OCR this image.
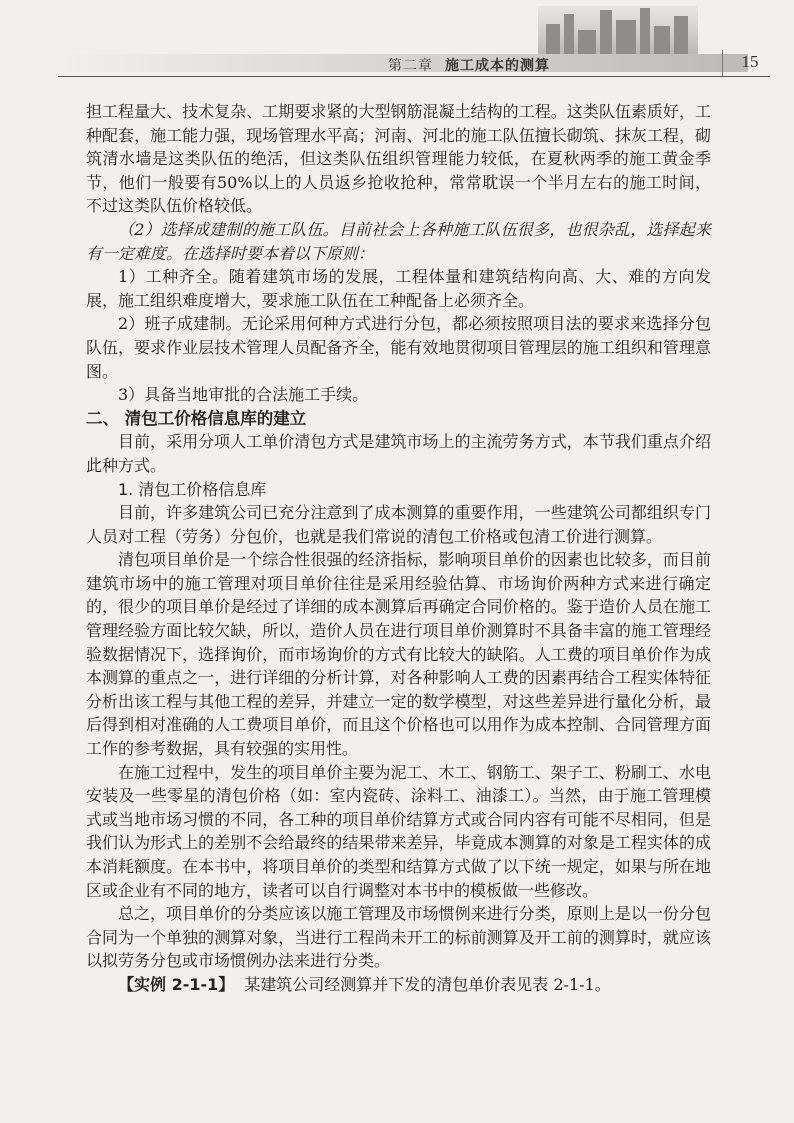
第二章 施工成本的测算	15

担工程量大、技术复杂、工期要求紧的大型钢筋混凝土结构的工程。这类队伍素质好，工种配套，施工能力强，现场管理水平高；河南、河北的施工队伍擅长砌筑、抹灰工程，砌筑清水墙是这类队伍的绝活，但这类队伍组织管理能力较低，在夏秋两季的施工黄金季节，他们一般要有50%以上的人员返乡抢收抢种，常常耽误一个半月左右的施工时间，不过这类队伍价格较低。

（2）选择成建制的施工队伍。目前社会上各种施工队伍很多，也很杂乱，选择起来有一定难度。在选择时要本着以下原则：

1）工种齐全。随着建筑市场的发展，工程体量和建筑结构向高、大、难的方向发展，施工组织难度增大，要求施工队伍在工种配备上必须齐全。

2）班子成建制。无论采用何种方式进行分包，都必须按照项目法的要求来选择分包队伍，要求作业层技术管理人员配备齐全，能有效地贯彻项目管理层的施工组织和管理意图。

3）具备当地审批的合法施工手续。

二、 清包工价格信息库的建立

目前，采用分项人工单价清包方式是建筑市场上的主流劳务方式，本节我们重点介绍此种方式。

1. 清包工价格信息库

目前，许多建筑公司已充分注意到了成本测算的重要作用，一些建筑公司都组织专门人员对工程（劳务）分包价，也就是我们常说的清包工价格或包清工价进行测算。

清包项目单价是一个综合性很强的经济指标，影响项目单价的因素也比较多，而目前建筑市场中的施工管理对项目单价往往是采用经验估算、市场询价两种方式来进行确定的，很少的项目单价是经过了详细的成本测算后再确定合同价格的。鉴于造价人员在施工管理经验方面比较欠缺，所以，造价人员在进行项目单价测算时不具备丰富的施工管理经验数据情况下，选择询价，而市场询价的方式有比较大的缺陷。人工费的项目单价作为成本测算的重点之一，进行详细的分析计算，对各种影响人工费的因素再结合工程实体特征分析出该工程与其他工程的差异，并建立一定的数学模型，对这些差异进行量化分析，最后得到相对准确的人工费项目单价，而且这个价格也可以用作为成本控制、合同管理方面工作的参考数据，具有较强的实用性。

在施工过程中，发生的项目单价主要为泥工、木工、钢筋工、架子工、粉刷工、水电安装及一些零星的清包价格（如：室内瓷砖、涂料工、油漆工）。当然，由于施工管理模式或当地市场习惯的不同，各工种的项目单价结算方式或合同内容有可能不尽相同，但是我们认为形式上的差别不会给最终的结果带来差异，毕竟成本测算的对象是工程实体的成本消耗额度。在本书中，将项目单价的类型和结算方式做了以下统一规定，如果与所在地区或企业有不同的地方，读者可以自行调整对本书中的模板做一些修改。

总之，项目单价的分类应该以施工管理及市场惯例来进行分类，原则上是以一份分包合同为一个单独的测算对象，当进行工程尚未开工的标前测算及开工前的测算时，就应该以拟劳务分包或市场惯例办法来进行分类。

【实例 2-1-1】 某建筑公司经测算并下发的清包单价表见表 2-1-1。
